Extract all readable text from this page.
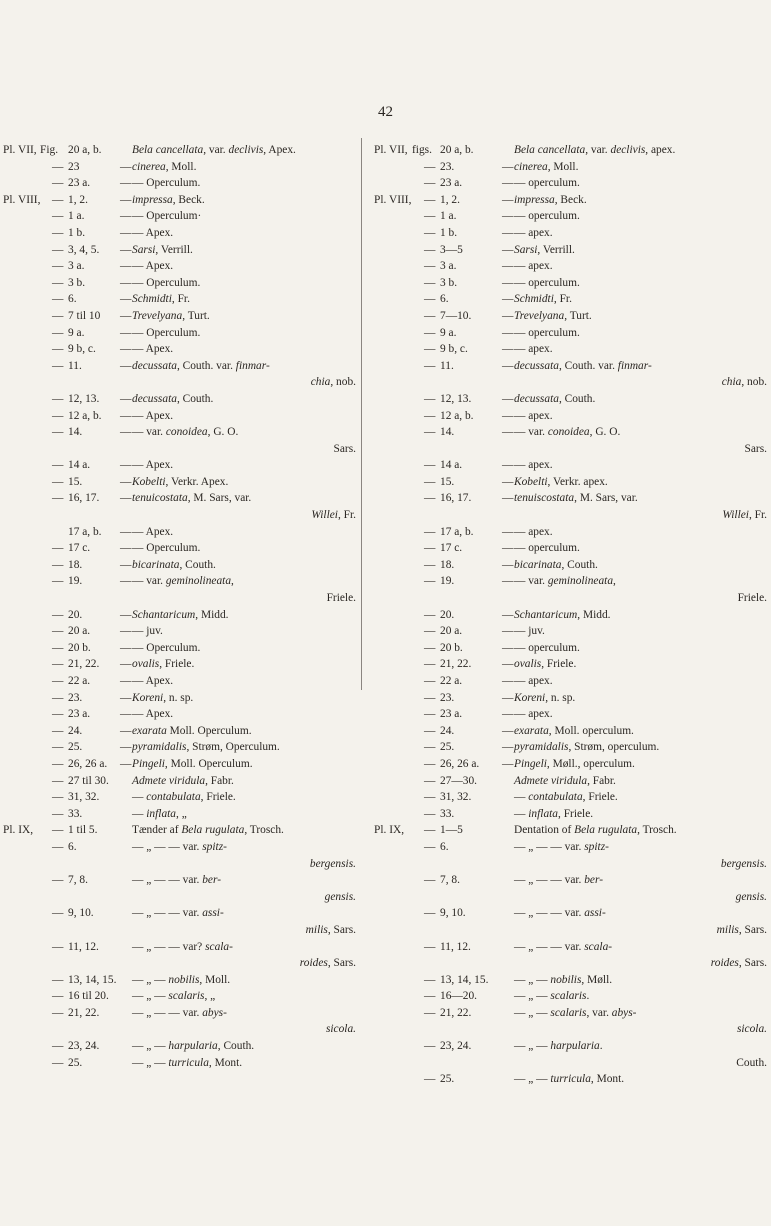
42
Pl. VII, Fig. 20 a, b.	Bela cancellata, var. declivis, Apex.
— 23	— cinerea, Moll.
— 23 a.	— — Operculum.
Pl. VIII, — 1, 2.	— impressa, Beck.
— 1 a.	— — Operculum·
— 1 b.	— — Apex.
— 3, 4, 5.	— Sarsi, Verrill.
— 3 a.	— — Apex.
— 3 b.	— — Operculum.
— 6.	— Schmidti, Fr.
— 7 til 10	— Trevelyana, Turt.
— 9 a.	— — Operculum.
— 9 b, c.	— — Apex.
— 11.	— decussata, Couth. var. finmar-
chia, nob.
— 12, 13.	— decussata, Couth.
— 12 a, b.	— — Apex.
— 14.	— — var. conoidea, G. O.
Sars.
— 14 a.	— — Apex.
— 15.	— Kobelti, Verkr. Apex.
— 16, 17.	— tenuicostata, M. Sars, var.
Willei, Fr.
17 a, b.	— — Apex.
— 17 c.	— — Operculum.
— 18.	— bicarinata, Couth.
— 19.	— — var. geminolineata,
Friele.
— 20.	— Schantaricum, Midd.
— 20 a.	— — juv.
— 20 b.	— — Operculum.
— 21, 22.	— ovalis, Friele.
— 22 a.	— — Apex.
— 23.	— Koreni, n. sp.
— 23 a.	— — Apex.
— 24.	— exarata Moll. Operculum.
— 25.	— pyramidalis, Strøm, Operculum.
— 26, 26 a.	— Pingeli, Moll. Operculum.
— 27 til 30.	Admete viridula, Fabr.
— 31, 32.	— contabulata, Friele.
— 33.	— inflata, „
Pl. IX,	— 1 til 5.	Tænder af Bela rugulata, Trosch.
— 6.	— „ — — var. spitz-
bergensis.
— 7, 8.	— „ — — var. ber-
gensis.
— 9, 10.	— „ — — var. assi-
milis, Sars.
— 11, 12.	— „ — — var? scala-
roides, Sars.
— 13, 14, 15.	— „ — nobilis, Moll.
— 16 til 20.	— „ — scalaris, „
— 21, 22.	— „ — — var. abys-
sicola.
— 23, 24.	— „ — harpularia, Couth.
— 25.	— „ — turricula, Mont.
Pl. VII, figs. 20 a, b.	Bela cancellata, var. declivis, apex.
— 23.	— cinerea, Moll.
— 23 a.	— — operculum.
Pl. VIII, — 1, 2.	— impressa, Beck.
— 1 a.	— — operculum.
— 1 b.	— — apex.
— 3—5	— Sarsi, Verrill.
— 3 a.	— — apex.
— 3 b.	— — operculum.
— 6.	— Schmidti, Fr.
— 7—10.	— Trevelyana, Turt.
— 9 a.	— — operculum.
— 9 b, c.	— — apex.
— 11.	— decussata, Couth. var. finmar-
chia, nob.
— 12, 13.	— decussata, Couth.
— 12 a, b.	— — apex.
— 14.	— — var. conoidea, G. O.
Sars.
— 14 a.	— — apex.
— 15.	— Kobelti, Verkr. apex.
— 16, 17.	— tenuiscostata, M. Sars, var.
Willei, Fr.
— 17 a, b.	— — apex.
— 17 c.	— — operculum.
— 18.	— bicarinata, Couth.
— 19.	— — var. geminolineata,
Friele.
— 20.	— Schantaricum, Midd.
— 20 a.	— — juv.
— 20 b.	— — operculum.
— 21, 22.	— ovalis, Friele.
— 22 a.	— — apex.
— 23.	— Koreni, n. sp.
— 23 a.	— — apex.
— 24.	— exarata, Moll. operculum.
— 25.	— pyramidalis, Strøm, operculum.
— 26, 26 a.	— Pingeli, Møll., operculum.
— 27—30.	Admete viridula, Fabr.
— 31, 32.	— contabulata, Friele.
— 33.	— inflata, Friele.
Pl. IX,	— 1—5	Dentation of Bela rugulata, Trosch.
— 6.	— „ — — var. spitz-
bergensis.
— 7, 8.	— „ — — var. ber-
gensis.
— 9, 10.	— „ — — var. assi-
milis, Sars.
— 11, 12.	— „ — — var. scala-
roides, Sars.
— 13, 14, 15.	— „ — nobilis, Møll.
— 16—20.	— „ — scalaris.
— 21, 22.	— „ — scalaris, var. abys-
sicola.
— 23, 24.	— „ — harpularia.
Couth.
— 25.	— „ — turricula, Mont.
